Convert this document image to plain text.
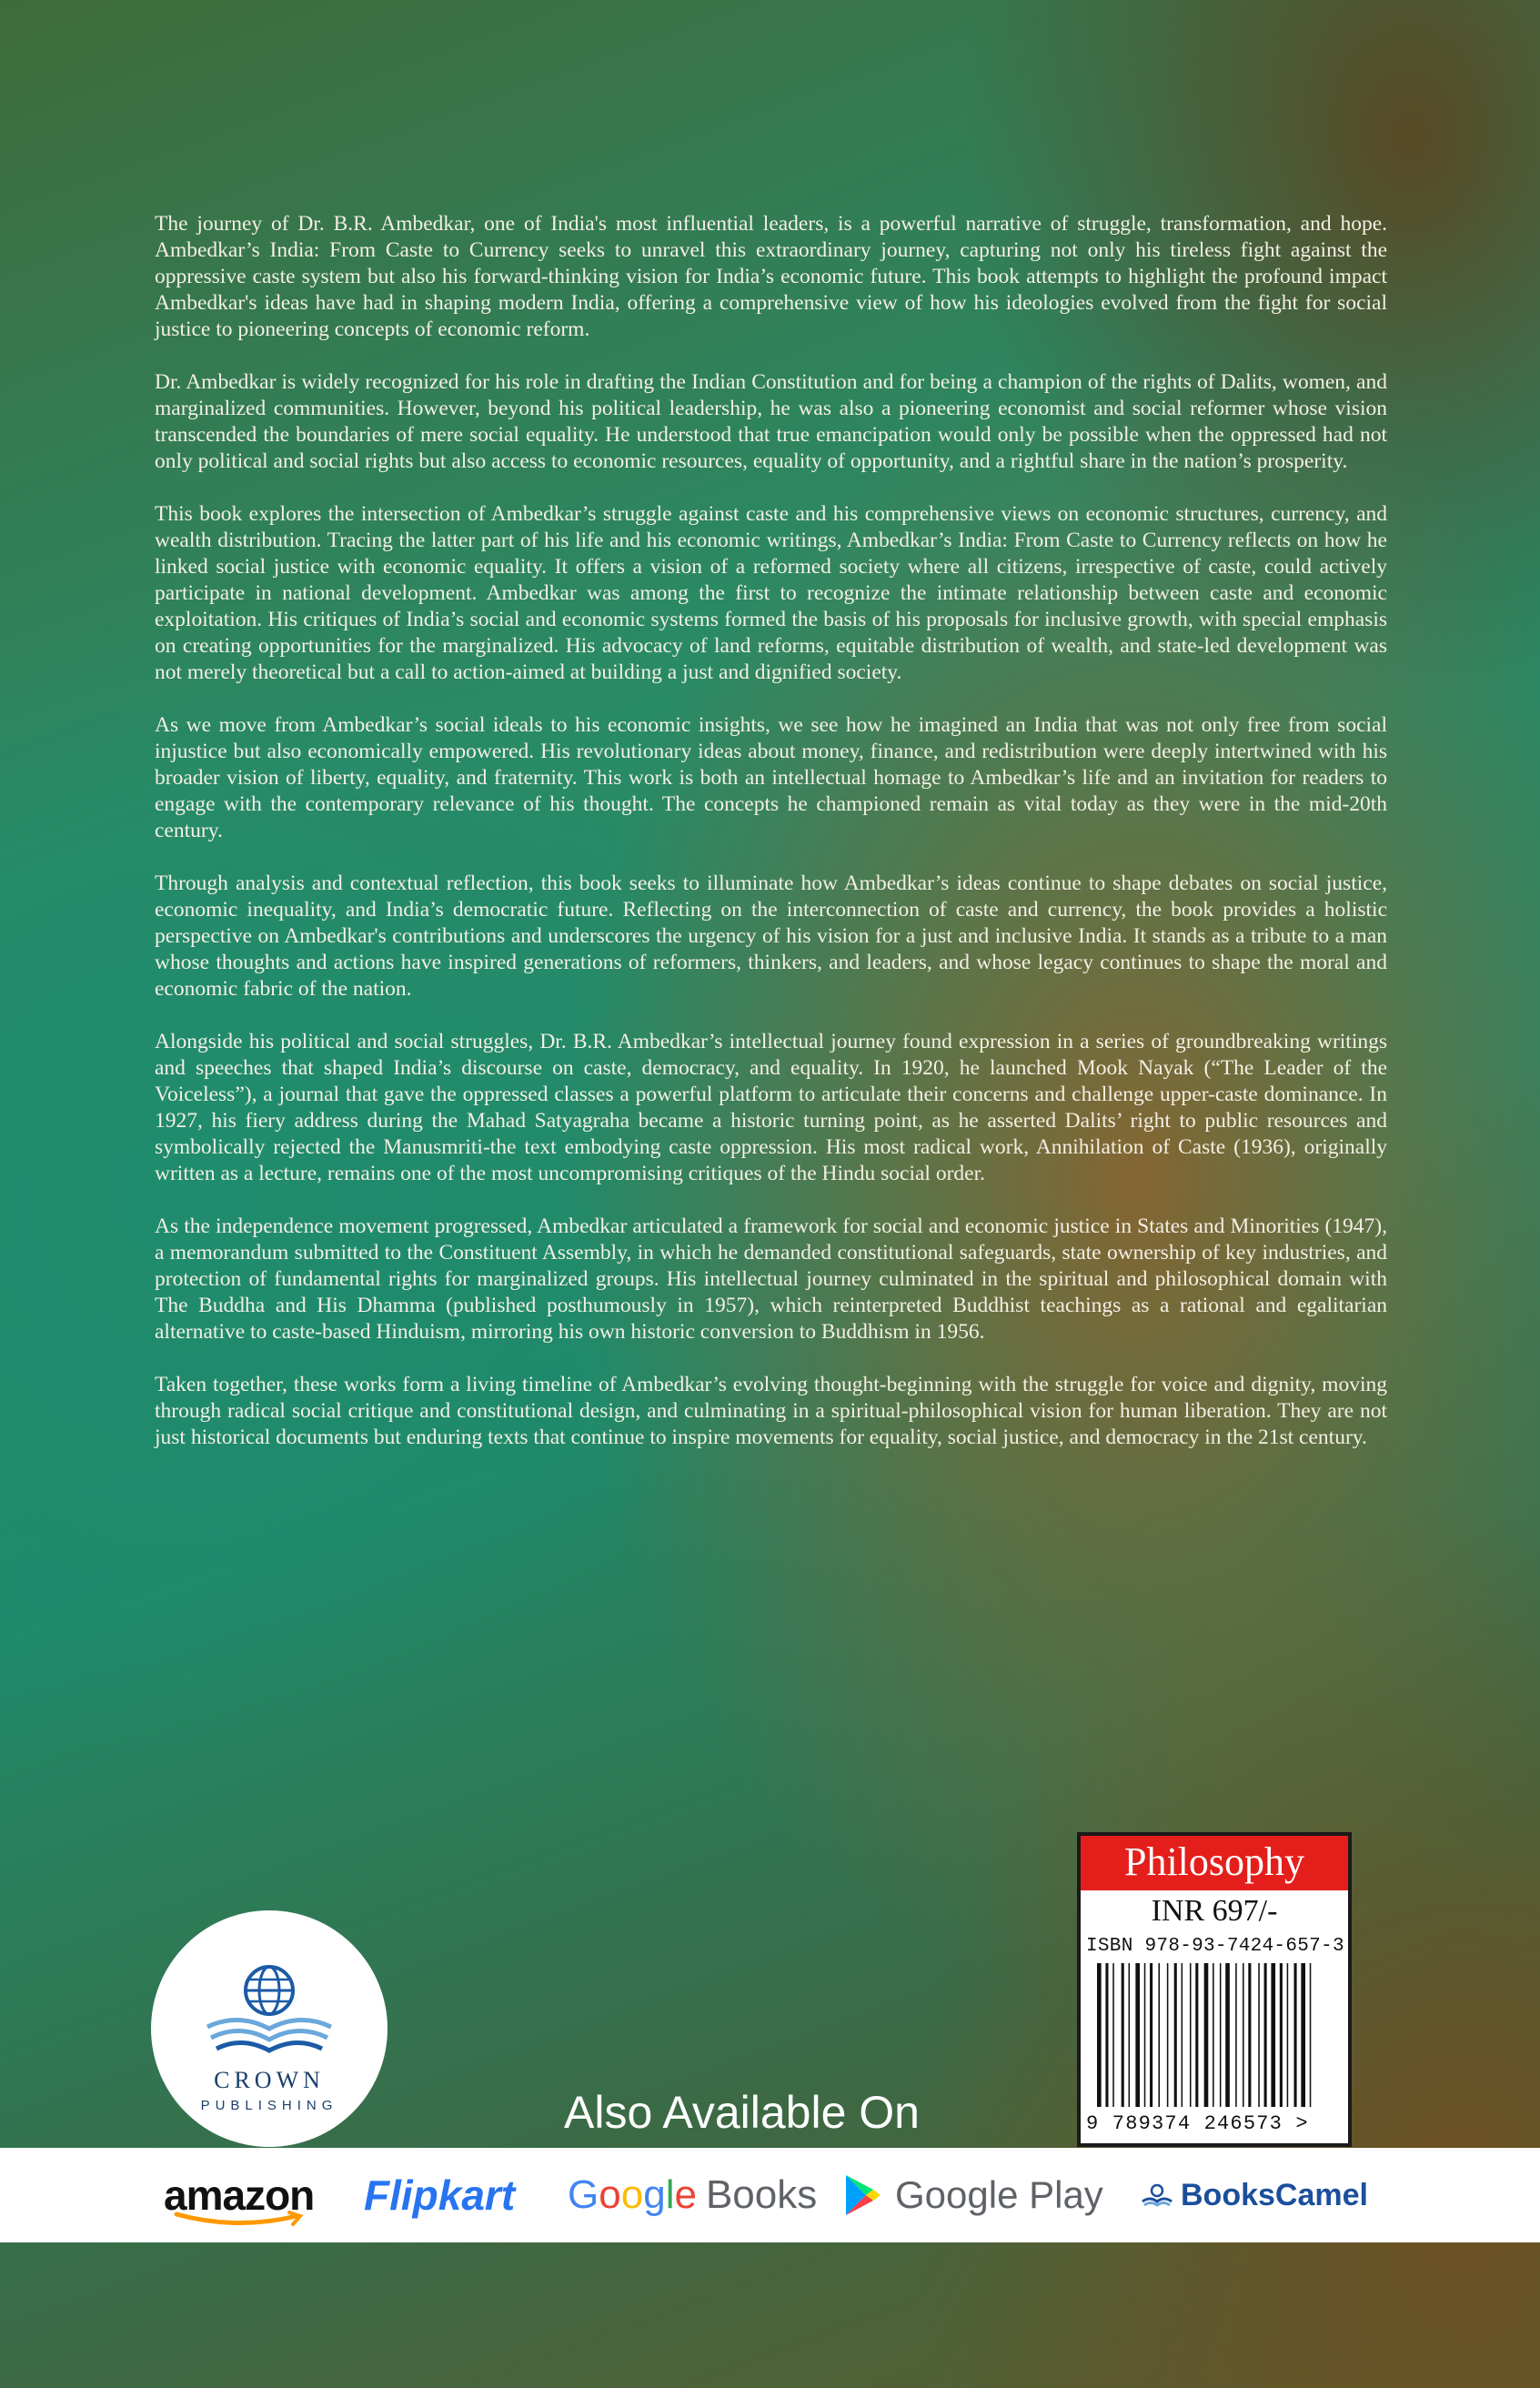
The journey of Dr. B.R. Ambedkar, one of India's most influential leaders, is a powerful narrative of struggle, transformation, and hope. Ambedkar’s India: From Caste to Currency seeks to unravel this extraordinary journey, capturing not only his tireless fight against the oppressive caste system but also his forward-thinking vision for India’s economic future. This book attempts to highlight the profound impact Ambedkar's ideas have had in shaping modern India, offering a comprehensive view of how his ideologies evolved from the fight for social justice to pioneering concepts of economic reform.

Dr. Ambedkar is widely recognized for his role in drafting the Indian Constitution and for being a champion of the rights of Dalits, women, and marginalized communities. However, beyond his political leadership, he was also a pioneering economist and social reformer whose vision transcended the boundaries of mere social equality. He understood that true emancipation would only be possible when the oppressed had not only political and social rights but also access to economic resources, equality of opportunity, and a rightful share in the nation’s prosperity.

This book explores the intersection of Ambedkar’s struggle against caste and his comprehensive views on economic structures, currency, and wealth distribution. Tracing the latter part of his life and his economic writings, Ambedkar’s India: From Caste to Currency reflects on how he linked social justice with economic equality. It offers a vision of a reformed society where all citizens, irrespective of caste, could actively participate in national development. Ambedkar was among the first to recognize the intimate relationship between caste and economic exploitation. His critiques of India’s social and economic systems formed the basis of his proposals for inclusive growth, with special emphasis on creating opportunities for the marginalized. His advocacy of land reforms, equitable distribution of wealth, and state-led development was not merely theoretical but a call to action-aimed at building a just and dignified society.

As we move from Ambedkar’s social ideals to his economic insights, we see how he imagined an India that was not only free from social injustice but also economically empowered. His revolutionary ideas about money, finance, and redistribution were deeply intertwined with his broader vision of liberty, equality, and fraternity. This work is both an intellectual homage to Ambedkar’s life and an invitation for readers to engage with the contemporary relevance of his thought. The concepts he championed remain as vital today as they were in the mid-20th century.

Through analysis and contextual reflection, this book seeks to illuminate how Ambedkar’s ideas continue to shape debates on social justice, economic inequality, and India’s democratic future. Reflecting on the interconnection of caste and currency, the book provides a holistic perspective on Ambedkar's contributions and underscores the urgency of his vision for a just and inclusive India. It stands as a tribute to a man whose thoughts and actions have inspired generations of reformers, thinkers, and leaders, and whose legacy continues to shape the moral and economic fabric of the nation.

Alongside his political and social struggles, Dr. B.R. Ambedkar’s intellectual journey found expression in a series of groundbreaking writings and speeches that shaped India’s discourse on caste, democracy, and equality. In 1920, he launched Mook Nayak (“The Leader of the Voiceless”), a journal that gave the oppressed classes a powerful platform to articulate their concerns and challenge upper-caste dominance. In 1927, his fiery address during the Mahad Satyagraha became a historic turning point, as he asserted Dalits’ right to public resources and symbolically rejected the Manusmriti-the text embodying caste oppression. His most radical work, Annihilation of Caste (1936), originally written as a lecture, remains one of the most uncompromising critiques of the Hindu social order.

As the independence movement progressed, Ambedkar articulated a framework for social and economic justice in States and Minorities (1947), a memorandum submitted to the Constituent Assembly, in which he demanded constitutional safeguards, state ownership of key industries, and protection of fundamental rights for marginalized groups. His intellectual journey culminated in the spiritual and philosophical domain with The Buddha and His Dhamma (published posthumously in 1957), which reinterpreted Buddhist teachings as a rational and egalitarian alternative to caste-based Hinduism, mirroring his own historic conversion to Buddhism in 1956.

Taken together, these works form a living timeline of Ambedkar’s evolving thought-beginning with the struggle for voice and dignity, moving through radical social critique and constitutional design, and culminating in a spiritual-philosophical vision for human liberation. They are not just historical documents but enduring texts that continue to inspire movements for equality, social justice, and democracy in the 21st century.

CROWN
PUBLISHING
Philosophy
INR 697/-
ISBN 978-93-7424-657-3
9 789374 246573 >
Also Available On
amazon Flipkart G o o g l e Books Google Play	BooksCamel
